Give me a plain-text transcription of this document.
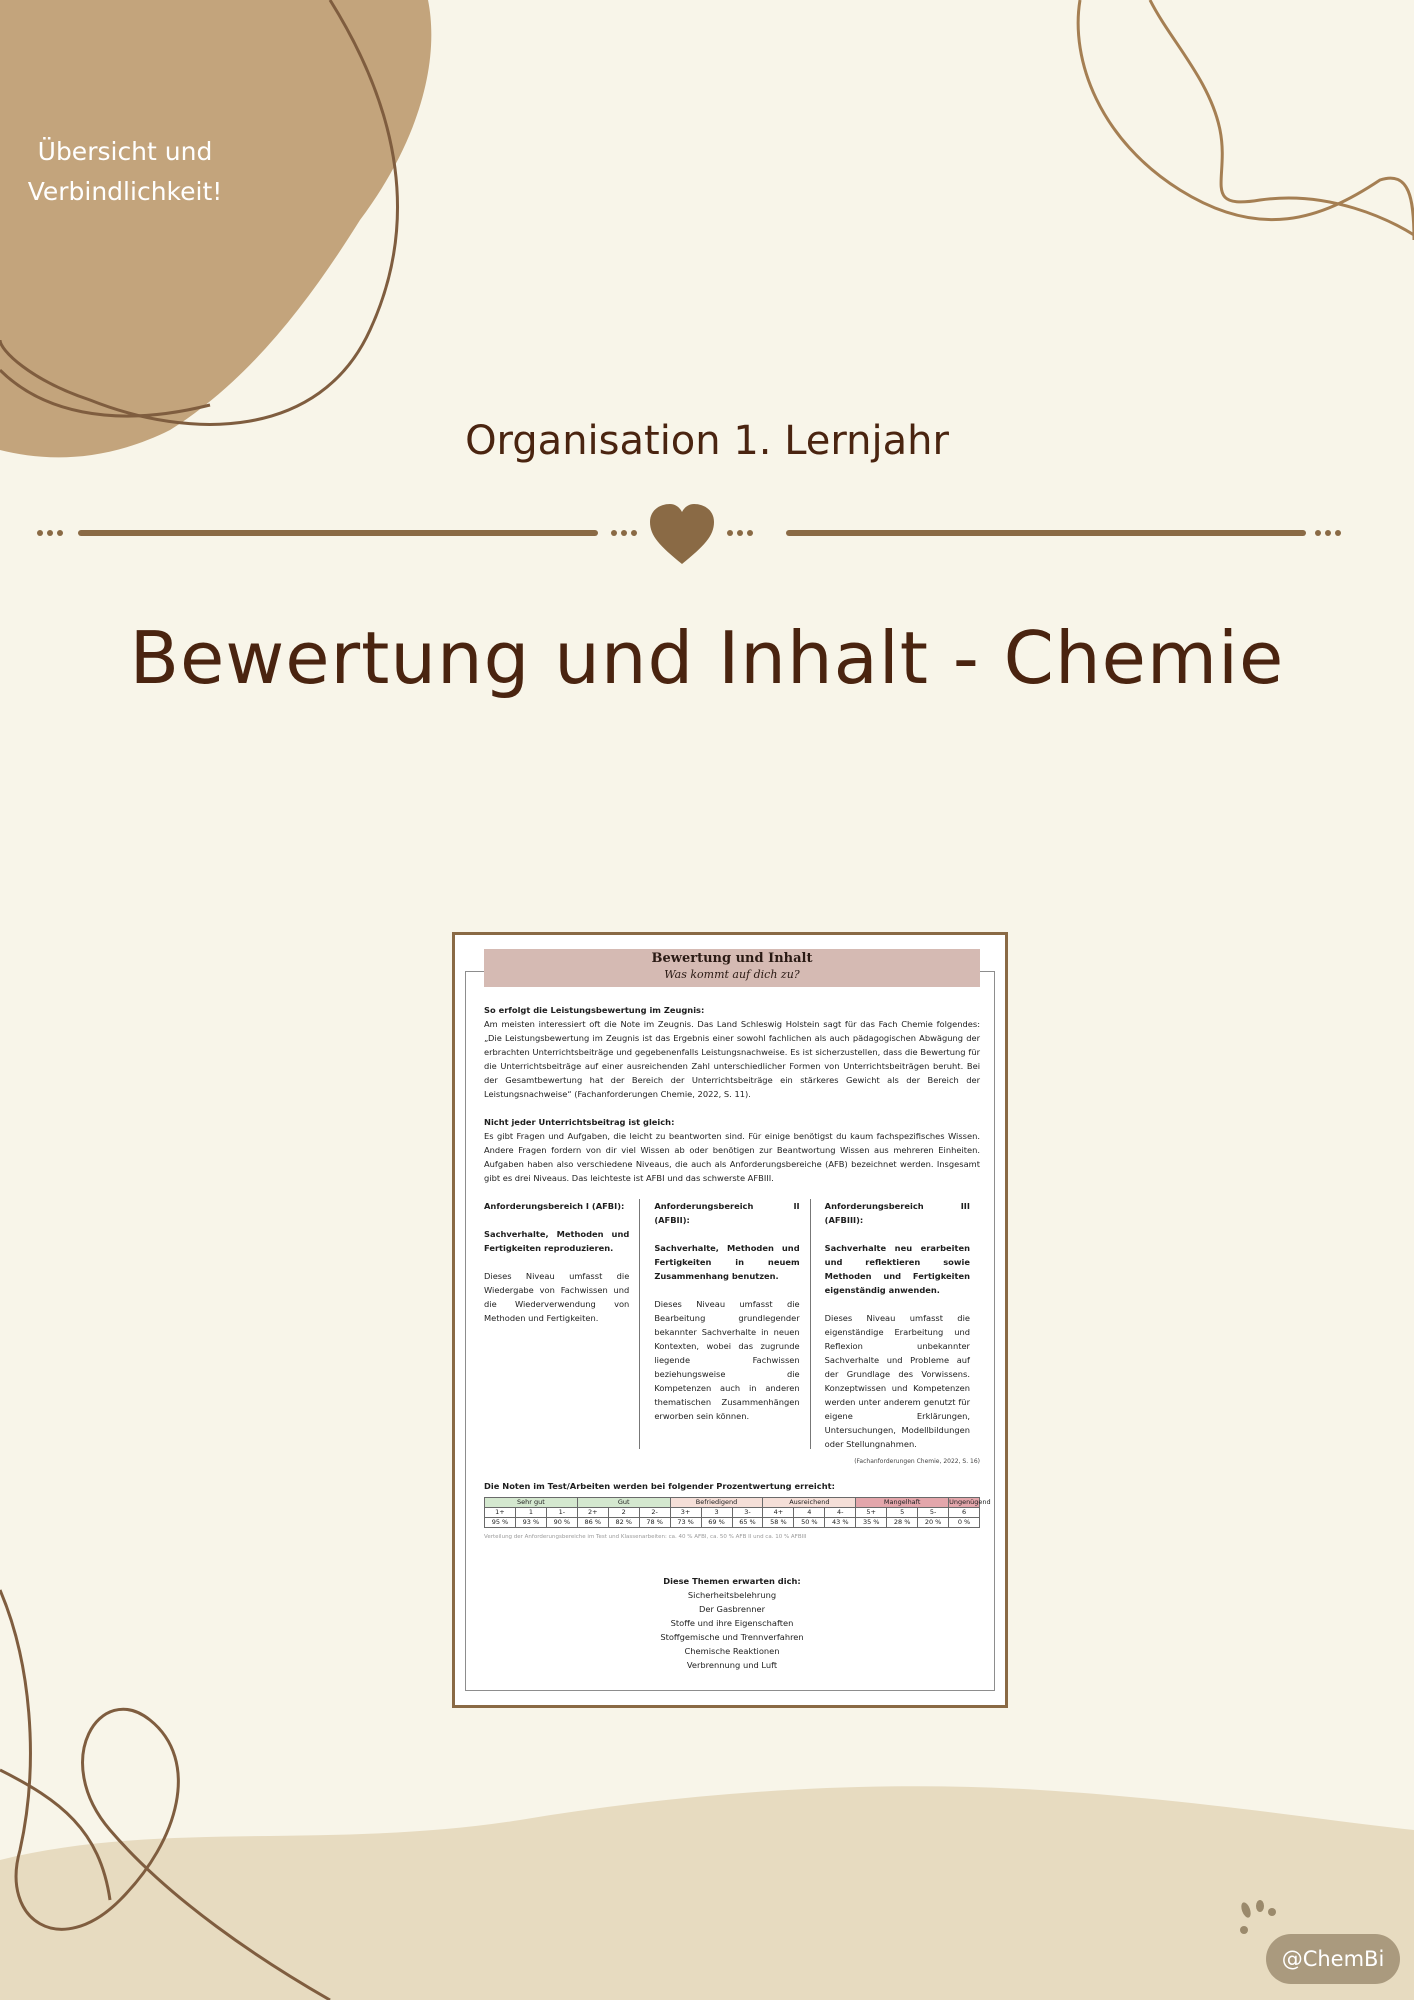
Übersicht und
Verbindlichkeit!
Organisation 1. Lernjahr
Bewertung und Inhalt - Chemie
Bewertung und Inhalt
Was kommt auf dich zu?

So erfolgt die Leistungsbewertung im Zeugnis:

Am meisten interessiert oft die Note im Zeugnis. Das Land Schleswig Holstein sagt für das Fach Chemie folgendes: „Die Leistungsbewertung im Zeugnis ist das Ergebnis einer sowohl fachlichen als auch pädagogischen Abwägung der erbrachten Unterrichtsbeiträge und gegebenenfalls Leistungsnachweise. Es ist sicherzustellen, dass die Bewertung für die Unterrichtsbeiträge auf einer ausreichenden Zahl unterschiedlicher Formen von Unterrichtsbeiträgen beruht. Bei der Gesamtbewertung hat der Bereich der Unterrichtsbeiträge ein stärkeres Gewicht als der Bereich der Leistungsnachweise“ (Fachanforderungen Chemie, 2022, S. 11).

Nicht jeder Unterrichtsbeitrag ist gleich:

Es gibt Fragen und Aufgaben, die leicht zu beantworten sind. Für einige benötigst du kaum fachspezifisches Wissen. Andere Fragen fordern von dir viel Wissen ab oder benötigen zur Beantwortung Wissen aus mehreren Einheiten. Aufgaben haben also verschiedene Niveaus, die auch als Anforderungsbereiche (AFB) bezeichnet werden. Insgesamt gibt es drei Niveaus. Das leichteste ist AFBI und das schwerste AFBIII.

Anforderungsbereich I (AFBI):

Sachverhalte, Methoden und Fertigkeiten reproduzieren.

Dieses Niveau umfasst die Wiedergabe von Fachwissen und die Wiederverwendung von Methoden und Fertigkeiten.

Anforderungsbereich II (AFBII):

Sachverhalte, Methoden und Fertigkeiten in neuem Zusammenhang benutzen.

Dieses Niveau umfasst die Bearbeitung grundlegender bekannter Sachverhalte in neuen Kontexten, wobei das zugrunde liegende Fachwissen beziehungsweise die Kompetenzen auch in anderen thematischen Zusammenhängen erworben sein können.

Anforderungsbereich III (AFBIII):

Sachverhalte neu erarbeiten und reflektieren sowie Methoden und Fertigkeiten eigenständig anwenden.

Dieses Niveau umfasst die eigenständige Erarbeitung und Reflexion unbekannter Sachverhalte und Probleme auf der Grundlage des Vorwissens. Konzeptwissen und Kompetenzen werden unter anderem genutzt für eigene Erklärungen, Untersuchungen, Modellbildungen oder Stellungnahmen.

(Fachanforderungen Chemie, 2022, S. 16)
Die Noten im Test/Arbeiten werden bei folgender Prozentwertung erreicht:
Sehr gut			Gut			Befriedigend			Ausreichend			Mangelhaft			Ungenügend
1+	1	1-	2+	2	2-	3+	3	3-	4+	4	4-	5+	5	5-	6
95 %	93 %	90 %	86 %	82 %	78 %	73 %	69 %	65 %	58 %	50 %	43 %	35 %	28 %	20 %	0 %
Verteilung der Anforderungsbereiche im Test und Klassenarbeiten: ca. 40 % AFBI, ca. 50 % AFB II und ca. 10 % AFBIII
Diese Themen erwarten dich:
Sicherheitsbelehrung
Der Gasbrenner
Stoffe und ihre Eigenschaften
Stoffgemische und Trennverfahren
Chemische Reaktionen
Verbrennung und Luft
@ChemBi
